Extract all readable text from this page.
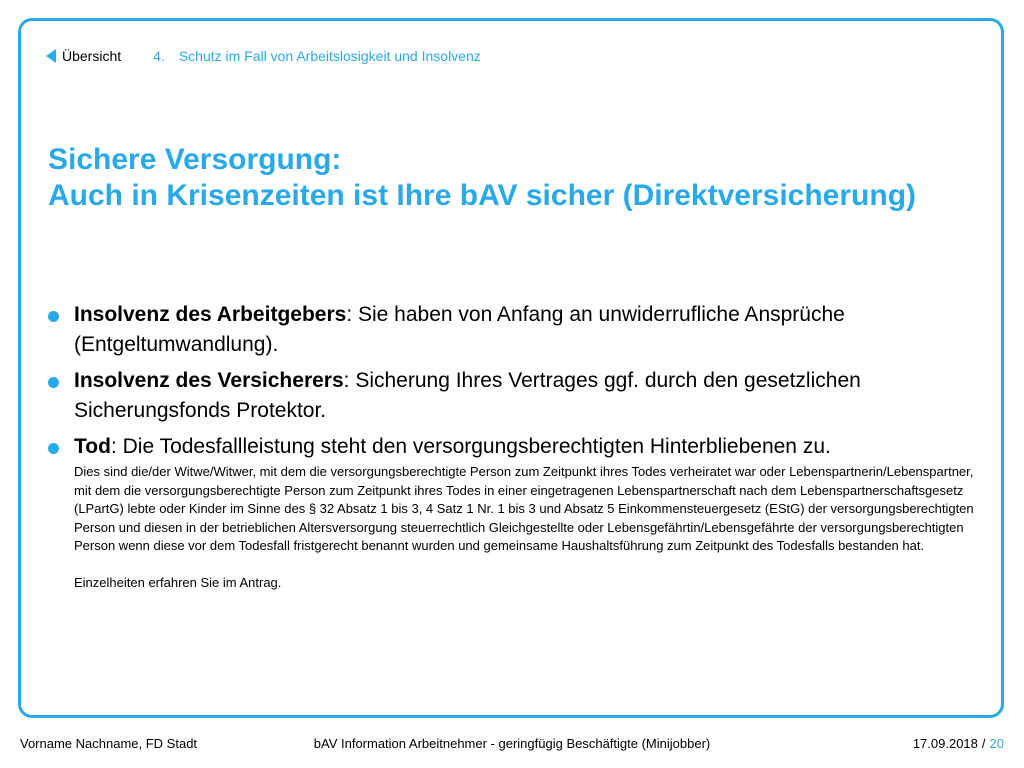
Übersicht 4. Schutz im Fall von Arbeitslosigkeit und Insolvenz
Sichere Versorgung:
Auch in Krisenzeiten ist Ihre bAV sicher (Direktversicherung)
Insolvenz des Arbeitgebers: Sie haben von Anfang an unwiderrufliche Ansprüche (Entgeltumwandlung).
Insolvenz des Versicherers: Sicherung Ihres Vertrages ggf. durch den gesetzlichen Sicherungsfonds Protektor.
Tod: Die Todesfallleistung steht den versorgungsberechtigten Hinterbliebenen zu.

Dies sind die/der Witwe/Witwer, mit dem die versorgungsberechtigte Person zum Zeitpunkt ihres Todes verheiratet war oder Lebenspartnerin/Lebenspartner, mit dem die versorgungsberechtigte Person zum Zeitpunkt ihres Todes in einer eingetragenen Lebenspartnerschaft nach dem Lebenspartnerschaftsgesetz (LPartG) lebte oder Kinder im Sinne des § 32 Absatz 1 bis 3, 4 Satz 1 Nr. 1 bis 3 und Absatz 5 Einkommensteuergesetz (EStG) der versorgungsberechtigten Person und diesen in der betrieblichen Altersversorgung steuerrechtlich Gleichgestellte oder Lebensgefährtin/Lebensgefährte der versorgungsberechtigten Person wenn diese vor dem Todesfall fristgerecht benannt wurden und gemeinsame Haushaltsführung zum Zeitpunkt des Todesfalls bestanden hat.

Einzelheiten erfahren Sie im Antrag.

Vorname Nachname, FD Stadt	bAV Information Arbeitnehmer - geringfügig Beschäftigte (Minijobber)	17.09.2018 / 20
